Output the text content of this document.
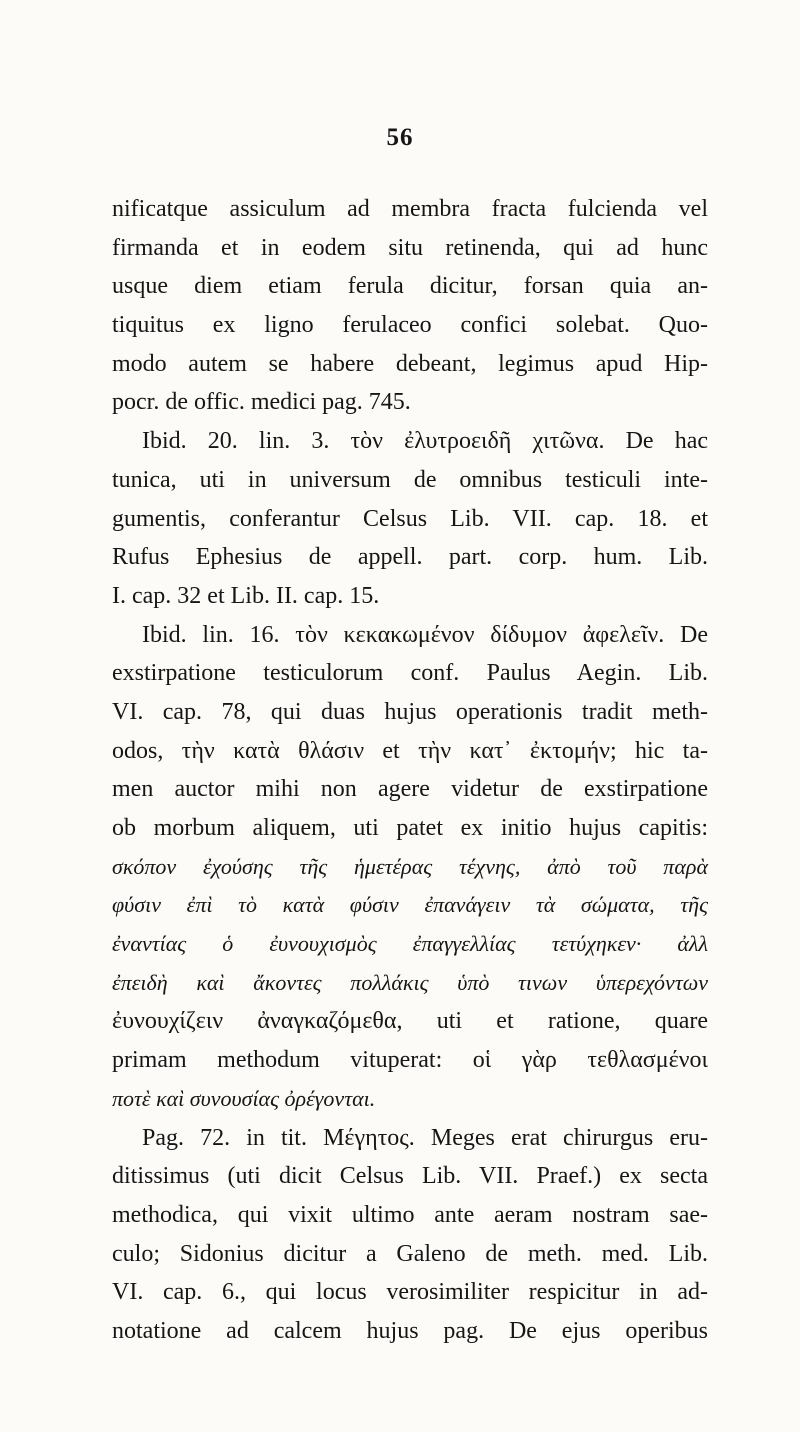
56
nificatque assiculum ad membra fracta fulcienda vel
firmanda et in eodem situ retinenda, qui ad hunc
usque diem etiam ferula dicitur, forsan quia an-
tiquitus ex ligno ferulaceo confici solebat. Quo-
modo autem se habere debeant, legimus apud Hip-
pocr. de offic. medici pag. 745.
Ibid. 20. lin. 3. τὸν ἐλυτροειδῆ χιτῶνα. De hac
tunica, uti in universum de omnibus testiculi inte-
gumentis, conferantur Celsus Lib. VII. cap. 18. et
Rufus Ephesius de appell. part. corp. hum. Lib.
I. cap. 32 et Lib. II. cap. 15.
Ibid. lin. 16. τὸν κεκακωμένον δίδυμον ἀφελεῖν. De
exstirpatione testiculorum conf. Paulus Aegin. Lib.
VI. cap. 78, qui duas hujus operationis tradit meth-
odos, τὴν κατὰ θλάσιν et τὴν κατ᾽ ἐκτομήν; hic ta-
men auctor mihi non agere videtur de exstirpatione
ob morbum aliquem, uti patet ex initio hujus capitis:
σκόπον ἐχούσης τῆς ἡμετέρας τέχνης, ἀπὸ τοῦ παρὰ
φύσιν ἐπὶ τὸ κατὰ φύσιν ἐπανάγειν τὰ σώματα, τῆς
ἐναντίας ὁ ἐυνουχισμὸς ἐπαγγελλίας τετύχηκεν· ἀλλ
ἐπειδὴ καὶ ἄκοντες πολλάκις ὑπὸ τινων ὑπερεχόντων
ἐυνουχίζειν ἀναγκαζόμεθα, uti et ratione, quare
primam methodum vituperat: οἱ γὰρ τεθλασμένοι
ποτὲ καὶ συνουσίας ὀρέγονται.
Pag. 72. in tit. Μέγητος. Meges erat chirurgus eru-
ditissimus (uti dicit Celsus Lib. VII. Praef.) ex secta
methodica, qui vixit ultimo ante aeram nostram sae-
culo; Sidonius dicitur a Galeno de meth. med. Lib.
VI. cap. 6., qui locus verosimiliter respicitur in ad-
notatione ad calcem hujus pag. De ejus operibus
